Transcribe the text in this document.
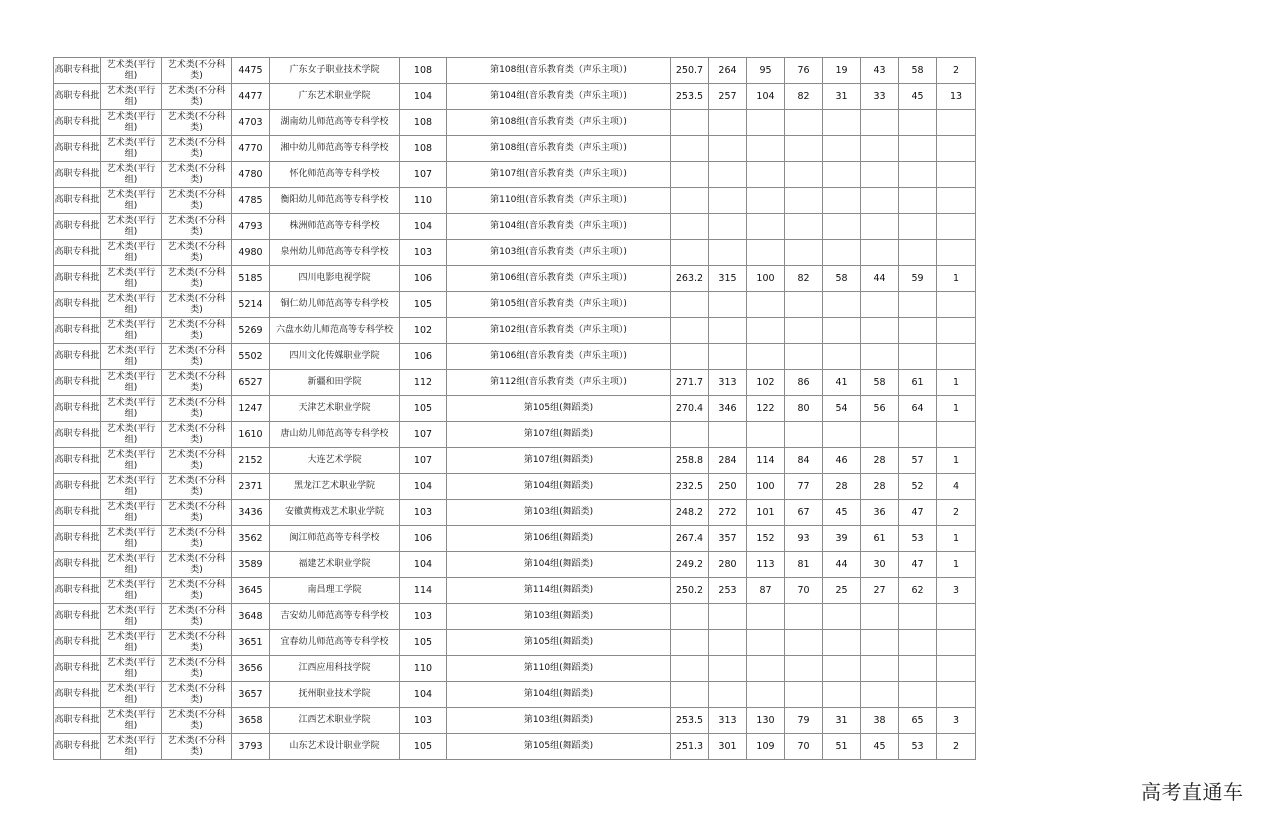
高职专科批	艺术类(平行组)	艺术类(不分科类)	4475	广东女子职业技术学院	108	第108组(音乐教育类（声乐主项）)	250.7	264	95	76	19	43	58	2
高职专科批	艺术类(平行组)	艺术类(不分科类)	4477	广东艺术职业学院	104	第104组(音乐教育类（声乐主项）)	253.5	257	104	82	31	33	45	13
高职专科批	艺术类(平行组)	艺术类(不分科类)	4703	湖南幼儿师范高等专科学校	108	第108组(音乐教育类（声乐主项）)								
高职专科批	艺术类(平行组)	艺术类(不分科类)	4770	湘中幼儿师范高等专科学校	108	第108组(音乐教育类（声乐主项）)								
高职专科批	艺术类(平行组)	艺术类(不分科类)	4780	怀化师范高等专科学校	107	第107组(音乐教育类（声乐主项）)								
高职专科批	艺术类(平行组)	艺术类(不分科类)	4785	衡阳幼儿师范高等专科学校	110	第110组(音乐教育类（声乐主项）)								
高职专科批	艺术类(平行组)	艺术类(不分科类)	4793	株洲师范高等专科学校	104	第104组(音乐教育类（声乐主项）)								
高职专科批	艺术类(平行组)	艺术类(不分科类)	4980	泉州幼儿师范高等专科学校	103	第103组(音乐教育类（声乐主项）)								
高职专科批	艺术类(平行组)	艺术类(不分科类)	5185	四川电影电视学院	106	第106组(音乐教育类（声乐主项）)	263.2	315	100	82	58	44	59	1
高职专科批	艺术类(平行组)	艺术类(不分科类)	5214	铜仁幼儿师范高等专科学校	105	第105组(音乐教育类（声乐主项）)								
高职专科批	艺术类(平行组)	艺术类(不分科类)	5269	六盘水幼儿师范高等专科学校	102	第102组(音乐教育类（声乐主项）)								
高职专科批	艺术类(平行组)	艺术类(不分科类)	5502	四川文化传媒职业学院	106	第106组(音乐教育类（声乐主项）)								
高职专科批	艺术类(平行组)	艺术类(不分科类)	6527	新疆和田学院	112	第112组(音乐教育类（声乐主项）)	271.7	313	102	86	41	58	61	1
高职专科批	艺术类(平行组)	艺术类(不分科类)	1247	天津艺术职业学院	105	第105组(舞蹈类)	270.4	346	122	80	54	56	64	1
高职专科批	艺术类(平行组)	艺术类(不分科类)	1610	唐山幼儿师范高等专科学校	107	第107组(舞蹈类)								
高职专科批	艺术类(平行组)	艺术类(不分科类)	2152	大连艺术学院	107	第107组(舞蹈类)	258.8	284	114	84	46	28	57	1
高职专科批	艺术类(平行组)	艺术类(不分科类)	2371	黑龙江艺术职业学院	104	第104组(舞蹈类)	232.5	250	100	77	28	28	52	4
高职专科批	艺术类(平行组)	艺术类(不分科类)	3436	安徽黄梅戏艺术职业学院	103	第103组(舞蹈类)	248.2	272	101	67	45	36	47	2
高职专科批	艺术类(平行组)	艺术类(不分科类)	3562	闽江师范高等专科学校	106	第106组(舞蹈类)	267.4	357	152	93	39	61	53	1
高职专科批	艺术类(平行组)	艺术类(不分科类)	3589	福建艺术职业学院	104	第104组(舞蹈类)	249.2	280	113	81	44	30	47	1
高职专科批	艺术类(平行组)	艺术类(不分科类)	3645	南昌理工学院	114	第114组(舞蹈类)	250.2	253	87	70	25	27	62	3
高职专科批	艺术类(平行组)	艺术类(不分科类)	3648	吉安幼儿师范高等专科学校	103	第103组(舞蹈类)								
高职专科批	艺术类(平行组)	艺术类(不分科类)	3651	宜春幼儿师范高等专科学校	105	第105组(舞蹈类)								
高职专科批	艺术类(平行组)	艺术类(不分科类)	3656	江西应用科技学院	110	第110组(舞蹈类)								
高职专科批	艺术类(平行组)	艺术类(不分科类)	3657	抚州职业技术学院	104	第104组(舞蹈类)								
高职专科批	艺术类(平行组)	艺术类(不分科类)	3658	江西艺术职业学院	103	第103组(舞蹈类)	253.5	313	130	79	31	38	65	3
高职专科批	艺术类(平行组)	艺术类(不分科类)	3793	山东艺术设计职业学院	105	第105组(舞蹈类)	251.3	301	109	70	51	45	53	2
高考直通车
